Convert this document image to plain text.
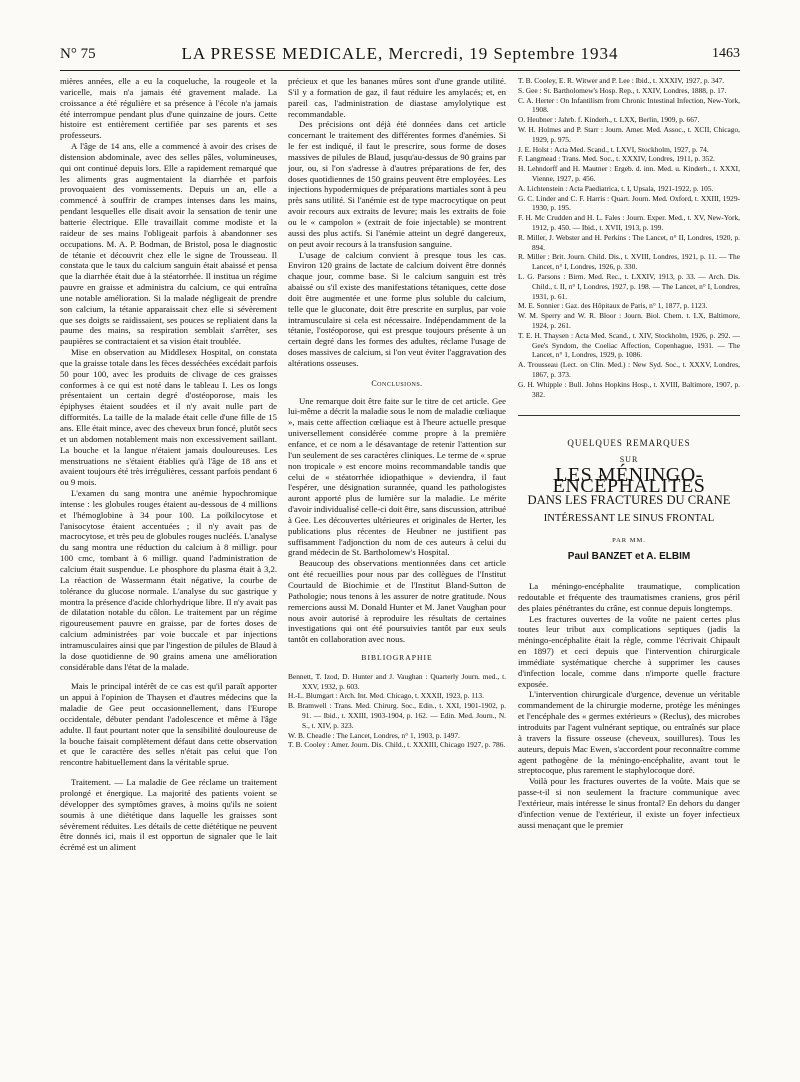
N° 75	LA PRESSE MEDICALE, Mercredi, 19 Septembre 1934	1463

mières années, elle a eu la coqueluche, la rougeole et la varicelle, mais n'a jamais été gravement malade. La croissance a été régulière et sa présence à l'école n'a jamais été interrompue pendant plus d'une quinzaine de jours. Cette histoire est entièrement certifiée par ses parents et ses professeurs.

A l'âge de 14 ans, elle a commencé à avoir des crises de distension abdominale, avec des selles pâles, volumineuses, qui ont continué depuis lors. Elle a rapidement remarqué que les aliments gras augmentaient la diarrhée et parfois provoquaient des vomissements. Depuis un an, elle a commencé à souffrir de crampes intenses dans les mains, pendant lesquelles elle disait avoir la sensation de tenir une batterie électrique. Elle travaillait comme modiste et la raideur de ses mains l'obligeait parfois à abandonner ses occupations. M. A. P. Bodman, de Bristol, posa le diagnostic de tétanie et découvrit chez elle le signe de Trousseau. Il constata que le taux du calcium sanguin était abaissé et pensa que la diarrhée était due à la stéatorrhée. Il institua un régime pauvre en graisse et administra du calcium, ce qui entraîna une notable amélioration. Si la malade négligeait de prendre son calcium, la tétanie apparaissait chez elle si sévèrement que ses doigts se raidissaient, ses pouces se repliaient dans la paume des mains, sa respiration semblait s'arrêter, ses paupières se contractaient et sa vision était troublée.

Mise en observation au Middlesex Hospital, on constata que la graisse totale dans les fèces desséchées excédait parfois 50 pour 100, avec les produits de clivage de ces graisses conformes à ce qui est noté dans le tableau I. Les os longs présentaient un certain degré d'ostéoporose, mais les épiphyses étaient soudées et il n'y avait nulle part de difformités. La taille de la malade était celle d'une fille de 15 ans. Elle était mince, avec des cheveux brun foncé, plutôt secs et un abdomen notablement mais non excessivement saillant. La bouche et la langue n'étaient jamais douloureuses. Les menstruations ne s'étaient établies qu'à l'âge de 18 ans et avaient toujours été très irrégulières, cessant parfois pendant 6 ou 9 mois.

L'examen du sang montra une anémie hypochromique intense : les globules rouges étaient au-dessous de 4 millions et l'hémoglobine à 34 pour 100. La poïkilocytose et l'anisocytose étaient accentuées ; il n'y avait pas de macrocytose, et très peu de globules rouges nucléés. L'analyse du sang montra une réduction du calcium à 8 milligr. pour 100 cmc, tombant à 6 milligr. quand l'administration de calcium était suspendue. Le phosphore du plasma était à 3,2. La réaction de Wassermann était négative, la courbe de tolérance du glucose normale. L'analyse du suc gastrique y montra la présence d'acide chlorhydrique libre. Il n'y avait pas de dilatation notable du côlon. Le traitement par un régime rigoureusement pauvre en graisse, par de fortes doses de calcium administrées par voie buccale et par injections intramusculaires ainsi que par l'ingestion de pilules de Blaud à la dose quotidienne de 90 grains amena une amélioration considérable dans l'état de la malade.

Mais le principal intérêt de ce cas est qu'il paraît apporter un appui à l'opinion de Thaysen et d'autres médecins que la maladie de Gee peut occasionnellement, dans l'Europe occidentale, débuter pendant l'adolescence et même à l'âge adulte. Il faut pourtant noter que la sensibilité douloureuse de la bouche faisait complètement défaut dans cette observation et que le caractère des selles n'était pas celui que l'on rencontre habituellement dans la véritable sprue.

Traitement. — La maladie de Gee réclame un traitement prolongé et énergique. La majorité des patients voient se développer des symptômes graves, à moins qu'ils ne soient soumis à une diététique dans laquelle les graisses sont sévèrement réduites. Les détails de cette diététique ne peuvent être donnés ici, mais il est opportun de signaler que le lait écrémé est un aliment

précieux et que les bananes mûres sont d'une grande utilité. S'il y a formation de gaz, il faut réduire les amylacés; et, en pareil cas, l'administration de diastase amylolytique est recommandable.

Des précisions ont déjà été données dans cet article concernant le traitement des différentes formes d'anémies. Si le fer est indiqué, il faut le prescrire, sous forme de doses massives de pilules de Blaud, jusqu'au-dessus de 90 grains par jour, ou, si l'on s'adresse à d'autres préparations de fer, des doses quotidiennes de 150 grains peuvent être employées. Les injections hypodermiques de préparations martiales sont à peu près sans utilité. Si l'anémie est de type macrocytique on peut avoir recours aux extraits de levure; mais les extraits de foie ou le « campolon » (extrait de foie injectable) se montrent aussi des plus actifs. Si l'anémie atteint un degré dangereux, on peut avoir recours à la transfusion sanguine.

L'usage de calcium convient à presque tous les cas. Environ 120 grains de lactate de calcium doivent être donnés chaque jour, comme base. Si le calcium sanguin est très abaissé ou s'il existe des manifestations tétaniques, cette dose doit être augmentée et une forme plus soluble du calcium, telle que le gluconate, doit être prescrite en surplus, par voie intramusculaire si cela est nécessaire. Indépendamment de la tétanie, l'ostéoporose, qui est presque toujours présente à un certain degré dans les formes des adultes, réclame l'usage de doses massives de calcium, si l'on veut éviter l'aggravation des altérations osseuses.

Conclusions.

Une remarque doit être faite sur le titre de cet article. Gee lui-même a décrit la maladie sous le nom de maladie cœliaque », mais cette affection cœliaque est à l'heure actuelle presque universellement considérée comme propre à la première enfance, et ce nom a le désavantage de retenir l'attention sur l'un seulement de ses caractères cliniques. Le terme de « sprue non tropicale » est encore moins recommandable tandis que celui de « stéatorrhée idiopathique » deviendra, il faut l'espérer, une désignation surannée, quand les pathologistes auront apporté plus de lumière sur la maladie. Le mérite d'avoir individualisé celle-ci doit être, sans discussion, attribué à Gee. Les découvertes ultérieures et originales de Herter, les publications plus récentes de Heubner ne justifient pas suffisamment l'adjonction du nom de ces auteurs à celui du grand médecin de St. Bartholomew's Hospital.

Beaucoup des observations mentionnées dans cet article ont été recueillies pour nous par des collègues de l'Institut Courtauld de Biochimie et de l'Institut Bland-Sutton de Pathologie; nous tenons à les assurer de notre gratitude. Nous remercions aussi M. Donald Hunter et M. Janet Vaughan pour nous avoir autorisé à reproduire les résultats de certaines investigations qui ont été poursuivies tantôt par eux seuls tantôt en collaboration avec nous.

BIBLIOGRAPHIE

Bennett, T. Izod, D. Hunter and J. Vaughan : Quarterly Journ. med., t. XXV, 1932, p. 603.

H.-L. Blumgart : Arch. Int. Med. Chicago, t. XXXII, 1923, p. 113.

B. Bramwell : Trans. Med. Chirurg. Soc., Edin., t. XXI, 1901-1902, p. 91. — Ibid., t. XXIII, 1903-1904, p. 162. — Edin. Med. Journ., N. S., t. XIV, p. 323.

W. B. Cheadle : The Lancet, Londres, n° 1, 1903, p. 1497.

T. B. Cooley : Amer. Journ. Dis. Child., t. XXXIII, Chicago 1927, p. 786.

T. B. Cooley, E. R. Witwer and P. Lee : Ibid., t. XXXIV, 1927, p. 347.

S. Gee : St. Bartholomew's Hosp. Rep., t. XXIV, Londres, 1888, p. 17.

C. A. Herter : On Infantilism from Chronic Intestinal Infection, New-York, 1908.

O. Heubner : Jahrb. f. Kinderh., t. LXX, Berlin, 1909, p. 667.

W. H. Holmes and P. Starr : Journ. Amer. Med. Assoc., t. XCII, Chicago, 1929, p. 975.

J. E. Holst : Acta Med. Scand., t. LXVI, Stockholm, 1927, p. 74.

F. Langmead : Trans. Med. Soc., t. XXXIV, Londres, 1911, p. 352.

H. Lehndorff and H. Mautner : Ergeb. d. inn. Med. u. Kinderh., t. XXXI, Vienne, 1927, p. 456.

A. Lichtenstein : Acta Paediatrica, t. I, Upsala, 1921-1922, p. 105.

G. C. Linder and C. F. Harris : Quart. Journ. Med. Oxford, t. XXIII, 1929-1930, p. 195.

F. H. Mc Crudden and H. L. Fales : Journ. Exper. Med., t. XV, New-York, 1912, p. 450. — Ibid., t. XVII, 1913, p. 199.

R. Miller, J. Webster and H. Perkins : The Lancet, n° II, Londres, 1920, p. 894.

R. Miller : Brit. Journ. Child. Dis., t. XVIII, Londres, 1921, p. 11. — The Lancet, n° I, Londres, 1926, p. 330.

L. G. Parsons : Birm. Med. Rec., t. LXXIV, 1913, p. 33. — Arch. Dis. Child., t. II, n° I, Londres, 1927, p. 198. — The Lancet, n° I, Londres, 1931, p. 61.

M. E. Sonnier : Gaz. des Hôpitaux de Paris, n° 1, 1877, p. 1123.

W. M. Sperry and W. R. Bloor : Journ. Biol. Chem. t. LX, Baltimore, 1924, p. 261.

T. E. H. Thaysen : Acta Med. Scand., t. XIV, Stockholm, 1926, p. 292. — Gee's Syndom, the Coeliac Affection, Copenhague, 1931. — The Lancet, n° 1, Londres, 1929, p. 1086.

A. Trousseau (Lect. on Clin. Med.) : New Syd. Soc., t. XXXV, Londres, 1867, p. 373.

G. H. Whipple : Bull. Johns Hopkins Hosp., t. XVIII, Baltimore, 1907, p. 382.

QUELQUES REMARQUES
SUR
LES MÉNINGO-ENCÉPHALITES
DANS LES FRACTURES DU CRANE
INTÉRESSANT LE SINUS FRONTAL
PAR MM.
Paul BANZET et A. ELBIM

La méningo-encéphalite traumatique, complication redoutable et fréquente des traumatismes craniens, gros péril des plaies pénétrantes du crâne, est connue depuis longtemps.

Les fractures ouvertes de la voûte ne paient certes plus toutes leur tribut aux complications septiques (jadis la méningo-encéphalite était la règle, comme l'écrivait Chipault en 1897) et ceci depuis que l'intervention chirurgicale immédiate systématique cherche à supprimer les causes d'infection locale, comme dans n'importe quelle fracture exposée.

L'intervention chirurgicale d'urgence, devenue un véritable commandement de la chirurgie moderne, protège les méninges et l'encéphale des « germes extérieurs » (Reclus), des microbes introduits par l'agent vulnérant septique, ou entraînés sur place à travers la fissure osseuse (cheveux, souillures). Tous les auteurs, depuis Mac Ewen, s'accordent pour reconnaître comme agent pathogène de la méningo-encéphalite, avant tout le streptocoque, plus rarement le staphylocoque doré.

Voilà pour les fractures ouvertes de la voûte. Mais que se passe-t-il si non seulement la fracture communique avec l'extérieur, mais intéresse le sinus frontal? En dehors du danger d'infection venue de l'extérieur, il existe un foyer infectieux aussi menaçant que le premier
